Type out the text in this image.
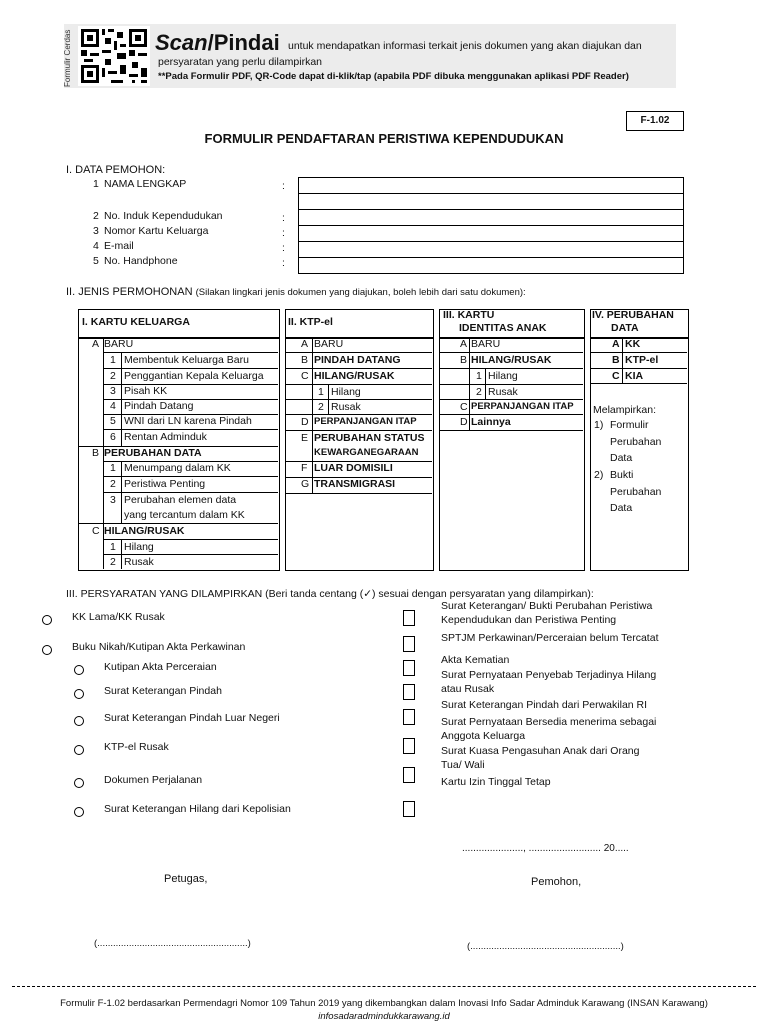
Formulir Cerdas	Scan/Pindai untuk mendapatkan informasi terkait jenis dokumen yang akan diajukan dan
persyaratan yang perlu dilampirkan
**Pada Formulir PDF, QR-Code dapat di-klik/tap (apabila PDF dibuka menggunakan aplikasi PDF Reader)
F-1.02
FORMULIR PENDAFTARAN PERISTIWA KEPENDUDUKAN
I. DATA PEMOHON:
II. JENIS PERMOHONAN (Silakan lingkari jenis dokumen yang diajukan, boleh lebih dari satu dokumen):
III. PERSYARATAN YANG DILAMPIRKAN (Beri tanda centang (✓) sesuai dengan persyaratan yang dilampirkan):
......................, .......................... 20.....
Petugas,	Pemohon,
(.........................................................)	(.........................................................)
Formulir F-1.02 berdasarkan Permendagri Nomor 109 Tahun 2019 yang dikembangkan dalam Inovasi Info Sadar Adminduk Karawang (INSAN Karawang)
infosadaradmindukkarawang.id
1 NAMA LENGKAP	:
2 No. Induk Kependudukan	:
3 Nomor Kartu Keluarga	:
4 E-mail	:
5 No. Handphone	:
I. KARTU KELUARGA
A BARU
1 Membentuk Keluarga Baru
2 Penggantian Kepala Keluarga
3 Pisah KK
4 Pindah Datang
5 WNI dari LN karena Pindah
6 Rentan Adminduk
B PERUBAHAN DATA
1 Menumpang dalam KK
2 Peristiwa Penting
3 Perubahan elemen data
yang tercantum dalam KK
C HILANG/RUSAK
1 Hilang
2 Rusak
II. KTP-el
A BARU
B PINDAH DATANG
C HILANG/RUSAK
1 Hilang
2 Rusak
D PERPANJANGAN ITAP
E PERUBAHAN STATUS
KEWARGANEGARAAN
F LUAR DOMISILI
G TRANSMIGRASI
III. KARTU
IDENTITAS ANAK
A BARU
B HILANG/RUSAK
1 Hilang
2 Rusak
C PERPANJANGAN ITAP
D Lainnya
IV. PERUBAHAN
DATA
A KK
B KTP-el
C KIA
Melampirkan:
1) Formulir
Perubahan
Data
2) Bukti
Perubahan
Data
KK Lama/KK Rusak
Buku Nikah/Kutipan Akta Perkawinan
Kutipan Akta Perceraian
Surat Keterangan Pindah
Surat Keterangan Pindah Luar Negeri
KTP-el Rusak
Dokumen Perjalanan
Surat Keterangan Hilang dari Kepolisian
Surat Keterangan/ Bukti Perubahan Peristiwa
Kependudukan dan Peristiwa Penting
SPTJM Perkawinan/Perceraian belum Tercatat
Akta Kematian
Surat Pernyataan Penyebab Terjadinya Hilang
atau Rusak
Surat Keterangan Pindah dari Perwakilan RI
Surat Pernyataan Bersedia menerima sebagai
Anggota Keluarga
Surat Kuasa Pengasuhan Anak dari Orang
Tua/ Wali
Kartu Izin Tinggal Tetap
